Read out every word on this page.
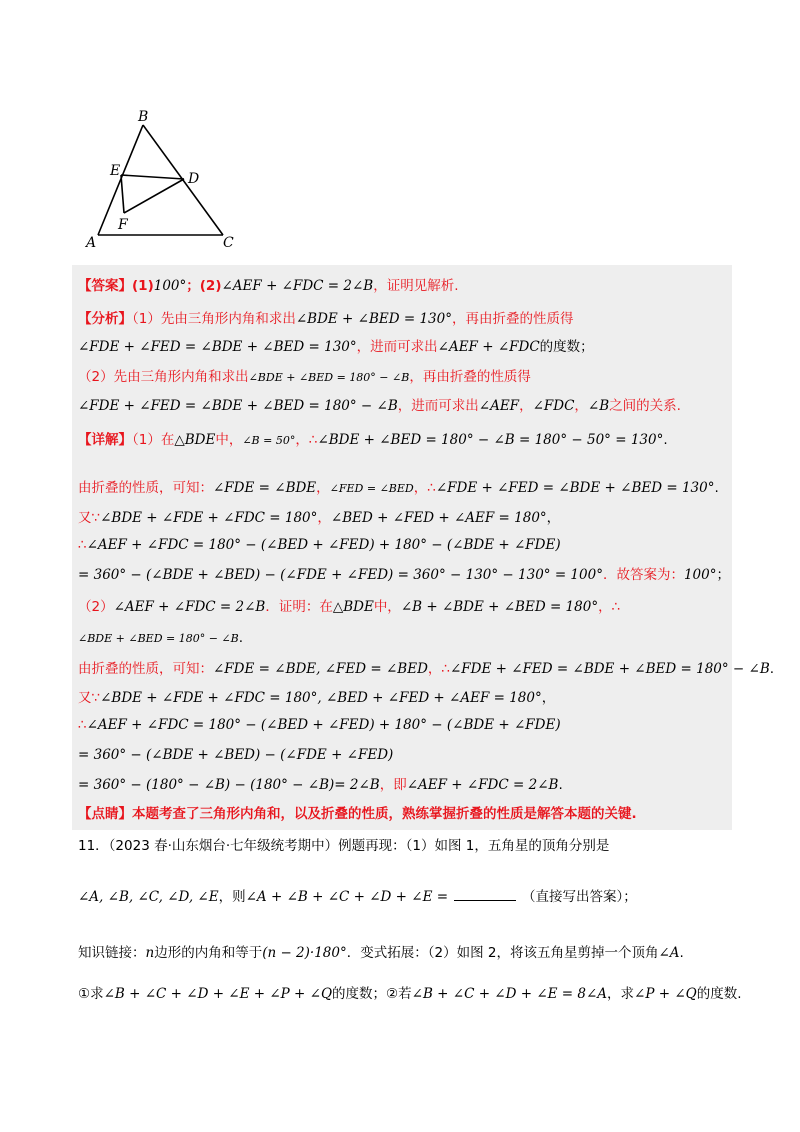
B
E	D
F
A	C
【答案】(1)100°；(2)∠AEF + ∠FDC = 2∠B，证明见解析.
【分析】（1）先由三角形内角和求出∠BDE + ∠BED = 130°，再由折叠的性质得
∠FDE + ∠FED = ∠BDE + ∠BED = 130°，进而可求出∠AEF + ∠FDC的度数；
（2）先由三角形内角和求出∠BDE + ∠BED = 180° − ∠B，再由折叠的性质得
∠FDE + ∠FED = ∠BDE + ∠BED = 180° − ∠B，进而可求出∠AEF，∠FDC，∠B之间的关系.
【详解】（1）在△BDE中，∠B = 50°，∴∠BDE + ∠BED = 180° − ∠B = 180° − 50° = 130°.
由折叠的性质，可知：∠FDE = ∠BDE，∠FED = ∠BED，∴∠FDE + ∠FED = ∠BDE + ∠BED = 130°.
又∵∠BDE + ∠FDE + ∠FDC = 180°，∠BED + ∠FED + ∠AEF = 180°，
∴∠AEF + ∠FDC = 180° − (∠BED + ∠FED) + 180° − (∠BDE + ∠FDE)
= 360° − (∠BDE + ∠BED) − (∠FDE + ∠FED) = 360° − 130° − 130° = 100°．故答案为：100°；
（2）∠AEF + ∠FDC = 2∠B．证明：在△BDE中，∠B + ∠BDE + ∠BED = 180°，∴
∠BDE + ∠BED = 180° − ∠B.
由折叠的性质，可知：∠FDE = ∠BDE, ∠FED = ∠BED，∴∠FDE + ∠FED = ∠BDE + ∠BED = 180° − ∠B.
又∵∠BDE + ∠FDE + ∠FDC = 180°, ∠BED + ∠FED + ∠AEF = 180°，
∴∠AEF + ∠FDC = 180° − (∠BED + ∠FED) + 180° − (∠BDE + ∠FDE)
= 360° − (∠BDE + ∠BED) − (∠FDE + ∠FED)
= 360° − (180° − ∠B) − (180° − ∠B)= 2∠B，即∠AEF + ∠FDC = 2∠B.
【点睛】本题考查了三角形内角和，以及折叠的性质，熟练掌握折叠的性质是解答本题的关键.
11．（2023 春·山东烟台·七年级统考期中）例题再现：（1）如图 1，五角星的顶角分别是
∠A, ∠B, ∠C, ∠D, ∠E，则∠A + ∠B + ∠C + ∠D + ∠E =	（直接写出答案）；
知识链接：n边形的内角和等于(n − 2)·180°．变式拓展：（2）如图 2，将该五角星剪掉一个顶角∠A.
①求∠B + ∠C + ∠D + ∠E + ∠P + ∠Q的度数；②若∠B + ∠C + ∠D + ∠E = 8∠A，求∠P + ∠Q的度数.
